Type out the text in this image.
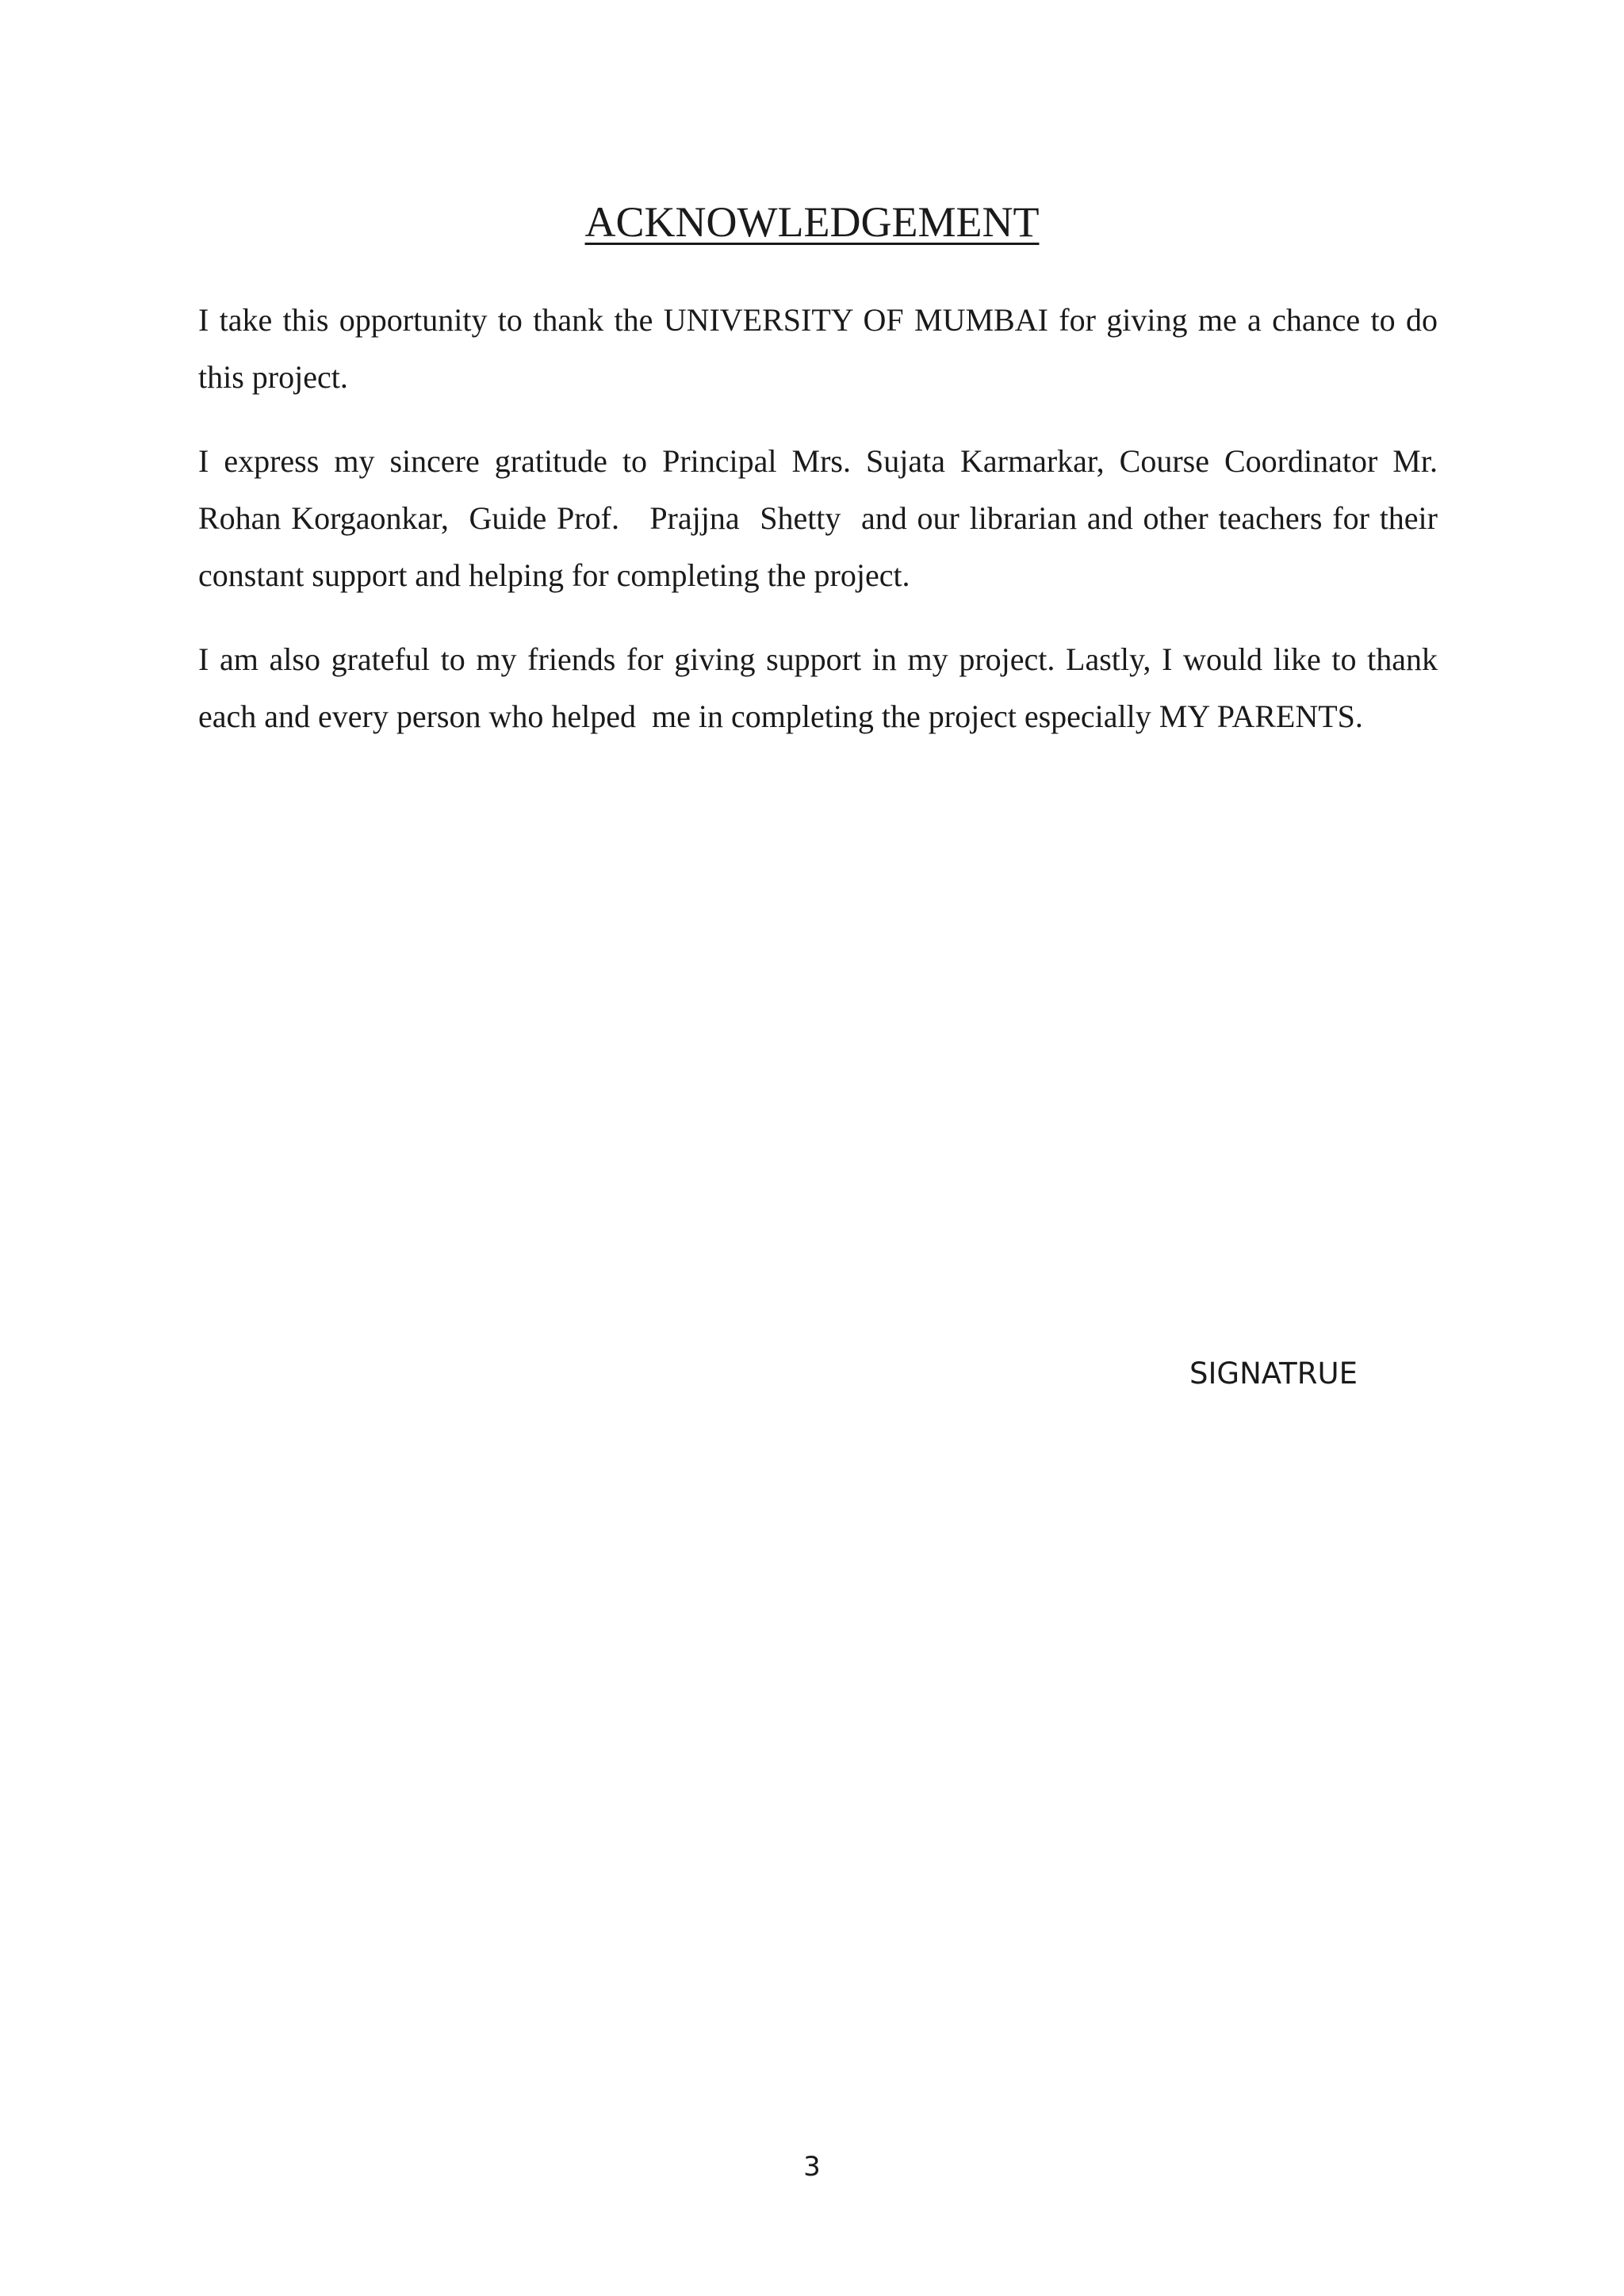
ACKNOWLEDGEMENT

I take this opportunity to thank the UNIVERSITY OF MUMBAI for giving me a chance to do this project.

I express my sincere gratitude to Principal Mrs. Sujata Karmarkar, Course Coordinator Mr. Rohan Korgaonkar,  Guide Prof.   Prajjna  Shetty  and our librarian and other teachers for their constant support and helping for completing the project.

I am also grateful to my friends for giving support in my project. Lastly, I would like to thank each and every person who helped  me in completing the project especially MY PARENTS.

SIGNATRUE

3
